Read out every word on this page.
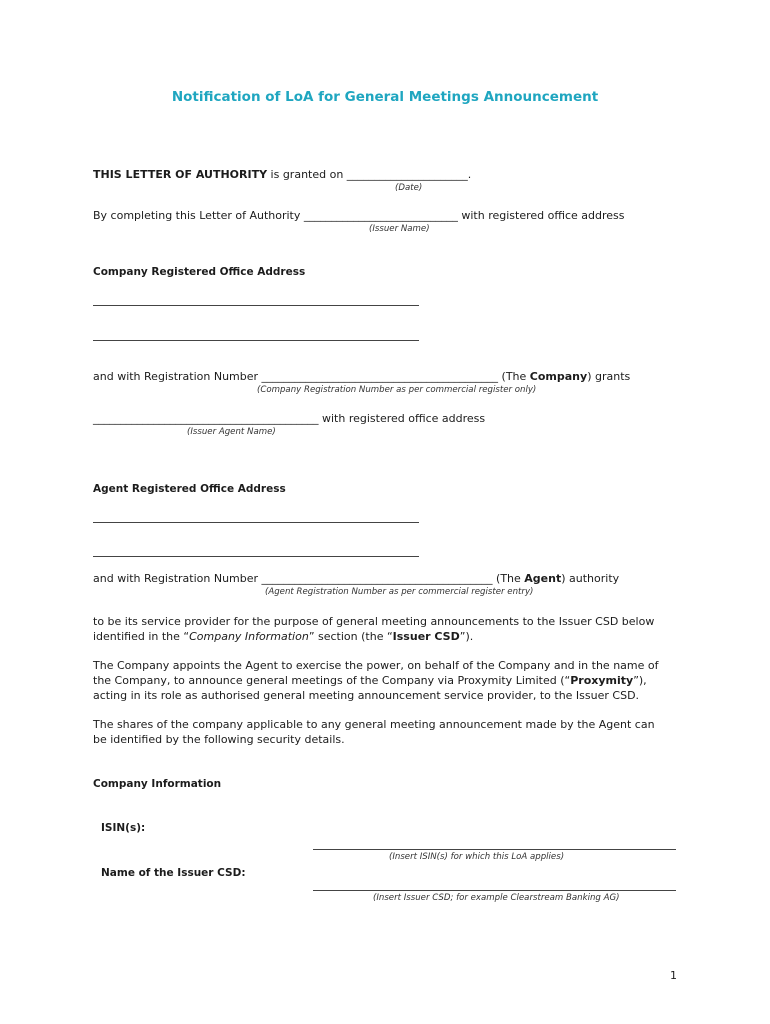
Notification of LoA for General Meetings Announcement
THIS LETTER OF AUTHORITY is granted on ______________________.
(Date)
By completing this Letter of Authority ____________________________ with registered office address
(Issuer Name)
Company Registered Office Address
and with Registration Number ___________________________________________ (The Company) grants
(Company Registration Number as per commercial register only)
_________________________________________ with registered office address
(Issuer Agent Name)
Agent Registered Office Address
and with Registration Number __________________________________________ (The Agent) authority
(Agent Registration Number as per commercial register entry)
to be its service provider for the purpose of general meeting announcements to the Issuer CSD below
identified in the “Company Information” section (the “Issuer CSD”).
The Company appoints the Agent to exercise the power, on behalf of the Company and in the name of
the Company, to announce general meetings of the Company via Proxymity Limited (“Proxymity”),
acting in its role as authorised general meeting announcement service provider, to the Issuer CSD.
The shares of the company applicable to any general meeting announcement made by the Agent can
be identified by the following security details.
Company Information
ISIN(s):
(Insert ISIN(s) for which this LoA applies)
Name of the Issuer CSD:
(Insert Issuer CSD; for example Clearstream Banking AG)
1
